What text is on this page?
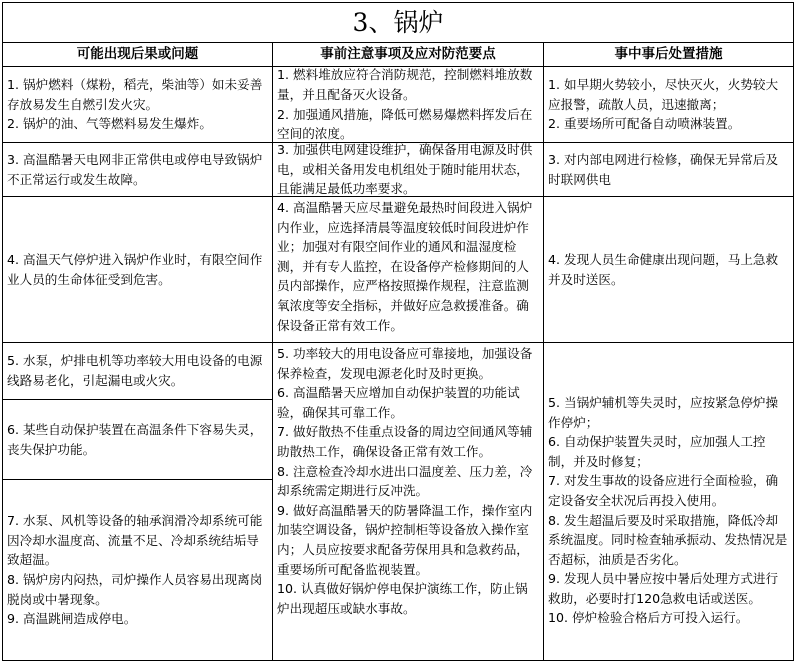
3、锅炉
可能出现后果或问题	事前注意事项及应对防范要点	事中事后处置措施

1. 锅炉燃料（煤粉，稻壳，柴油等）如未妥善存放易发生自燃引发火灾。

2. 锅炉的油、气等燃料易发生爆炸。

3. 高温酷暑天电网非正常供电或停电导致锅炉不正常运行或发生故障。

4. 高温天气停炉进入锅炉作业时，有限空间作业人员的生命体征受到危害。

5. 水泵，炉排电机等功率较大用电设备的电源线路易老化，引起漏电或火灾。

6. 某些自动保护装置在高温条件下容易失灵，丧失保护功能。

7. 水泵、风机等设备的轴承润滑冷却系统可能因冷却水温度高、流量不足、冷却系统结垢导致超温。

8. 锅炉房内闷热，司炉操作人员容易出现离岗脱岗或中暑现象。

9. 高温跳闸造成停电。

1. 燃料堆放应符合消防规范，控制燃料堆放数量，并且配备灭火设备。

2. 加强通风措施，降低可燃易爆燃料挥发后在空间的浓度。

3. 加强供电网建设维护，确保备用电源及时供电，或相关备用发电机组处于随时能用状态，且能满足最低功率要求。

4. 高温酷暑天应尽量避免最热时间段进入锅炉内作业，应选择清晨等温度较低时间段进炉作业；加强对有限空间作业的通风和温湿度检测，并有专人监控，在设备停产检修期间的人员内部操作，应严格按照操作规程，注意监测氧浓度等安全指标，并做好应急救援准备。确保设备正常有效工作。

5. 功率较大的用电设备应可靠接地，加强设备保养检查，发现电源老化时及时更换。

6. 高温酷暑天应增加自动保护装置的功能试验，确保其可靠工作。

7. 做好散热不佳重点设备的周边空间通风等辅助散热工作，确保设备正常有效工作。

8. 注意检查冷却水进出口温度差、压力差，冷却系统需定期进行反冲洗。

9. 做好高温酷暑天的防暑降温工作，操作室内加装空调设备，锅炉控制柜等设备放入操作室内；人员应按要求配备劳保用具和急救药品，重要场所可配备监视装置。

10. 认真做好锅炉停电保护演练工作，防止锅炉出现超压或缺水事故。

1. 如早期火势较小，尽快灭火，火势较大应报警，疏散人员，迅速撤离；

2. 重要场所可配备自动喷淋装置。

3. 对内部电网进行检修，确保无异常后及时联网供电

4. 发现人员生命健康出现问题，马上急救并及时送医。

5. 当锅炉辅机等失灵时，应按紧急停炉操作停炉；

6. 自动保护装置失灵时，应加强人工控制，并及时修复；

7. 对发生事故的设备应进行全面检验，确定设备安全状况后再投入使用。

8. 发生超温后要及时采取措施，降低冷却系统温度。同时检查轴承振动、发热情况是否超标，油质是否劣化。

9. 发现人员中暑应按中暑后处理方式进行救助，必要时打120急救电话或送医。

10. 停炉检验合格后方可投入运行。
